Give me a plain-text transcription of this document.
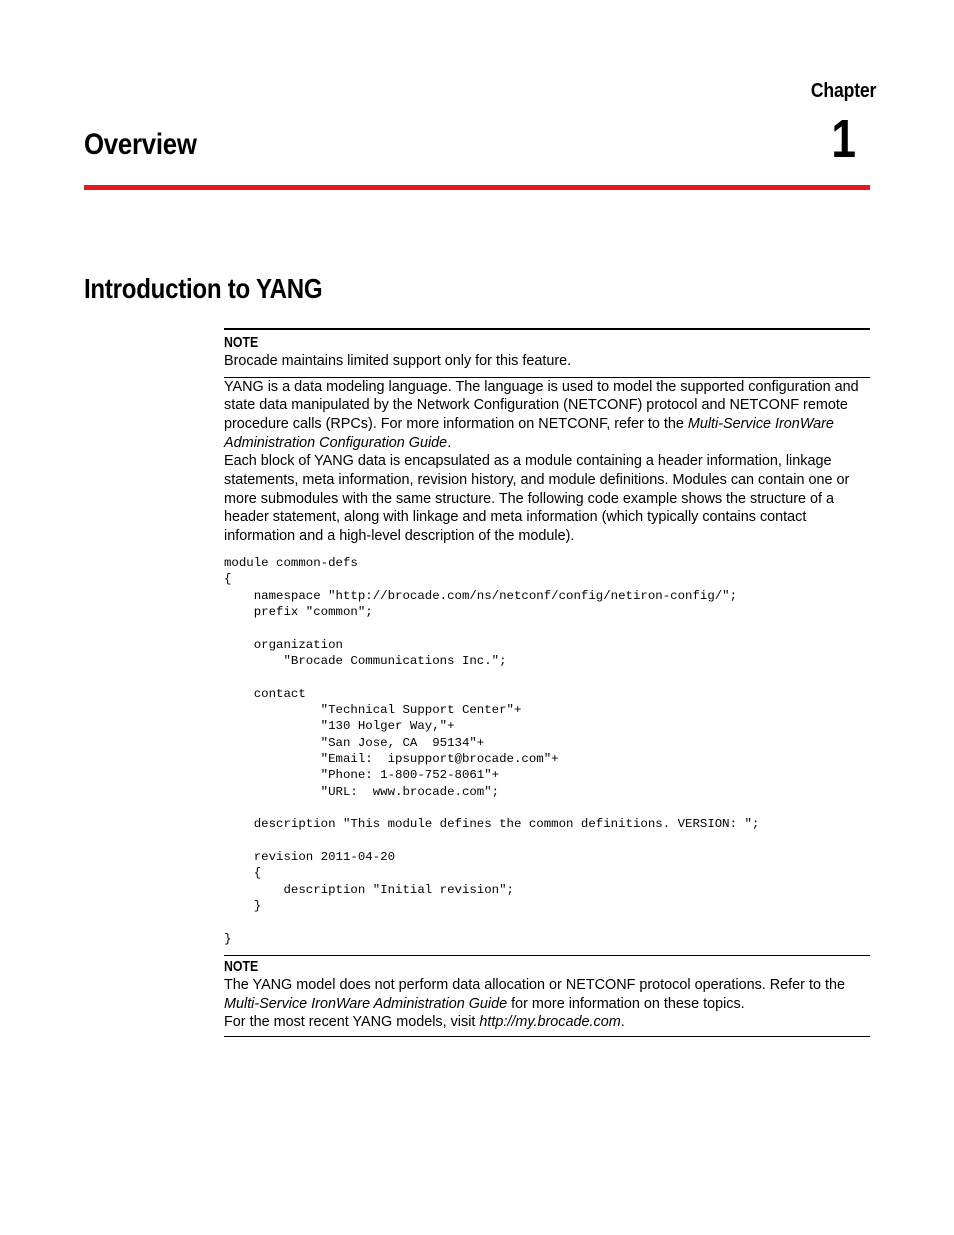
Chapter
1
Overview
Introduction to YANG
NOTE
Brocade maintains limited support only for this feature.

YANG is a data modeling language. The language is used to model the supported configuration and state data manipulated by the Network Configuration (NETCONF) protocol and NETCONF remote procedure calls (RPCs). For more information on NETCONF, refer to the Multi-Service IronWare Administration Configuration Guide.

Each block of YANG data is encapsulated as a module containing a header information, linkage statements, meta information, revision history, and module definitions. Modules can contain one or more submodules with the same structure. The following code example shows the structure of a header statement, along with linkage and meta information (which typically contains contact information and a high-level description of the module).

module common-defs
{
namespace "http://brocade.com/ns/netconf/config/netiron-config/";
prefix "common";

organization
"Brocade Communications Inc.";

contact
"Technical Support Center"+
"130 Holger Way,"+
"San Jose, CA  95134"+
"Email:  ipsupport@brocade.com"+
"Phone: 1-800-752-8061"+
"URL:  www.brocade.com";

description "This module defines the common definitions. VERSION: ";

revision 2011-04-20
{
description "Initial revision";
}

}
NOTE
The YANG model does not perform data allocation or NETCONF protocol operations. Refer to the Multi-Service IronWare Administration Guide for more information on these topics.
For the most recent YANG models, visit http://my.brocade.com.
